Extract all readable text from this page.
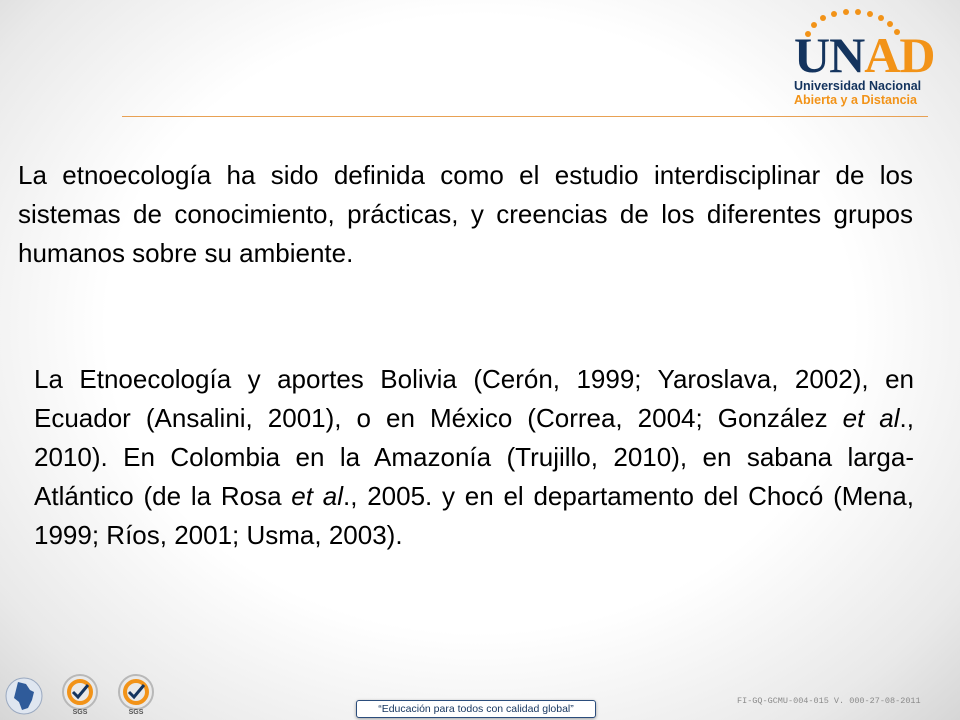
UNAD
Universidad Nacional
Abierta y a Distancia

La etnoecología ha sido definida como el estudio interdisciplinar de los sistemas de conocimiento, prácticas, y creencias de los diferentes grupos humanos sobre su ambiente.

La Etnoecología y aportes Bolivia (Cerón, 1999; Yaroslava, 2002), en Ecuador (Ansalini, 2001), o en México (Correa, 2004; González et al., 2010). En Colombia en la Amazonía (Trujillo, 2010), en sabana larga- Atlántico (de la Rosa et al., 2005. y en el departamento del Chocó (Mena, 1999; Ríos, 2001; Usma, 2003).

SGS	SGS
FI-GQ-GCMU-004-015 V. 000-27-08-2011
“Educación para todos con calidad global”
